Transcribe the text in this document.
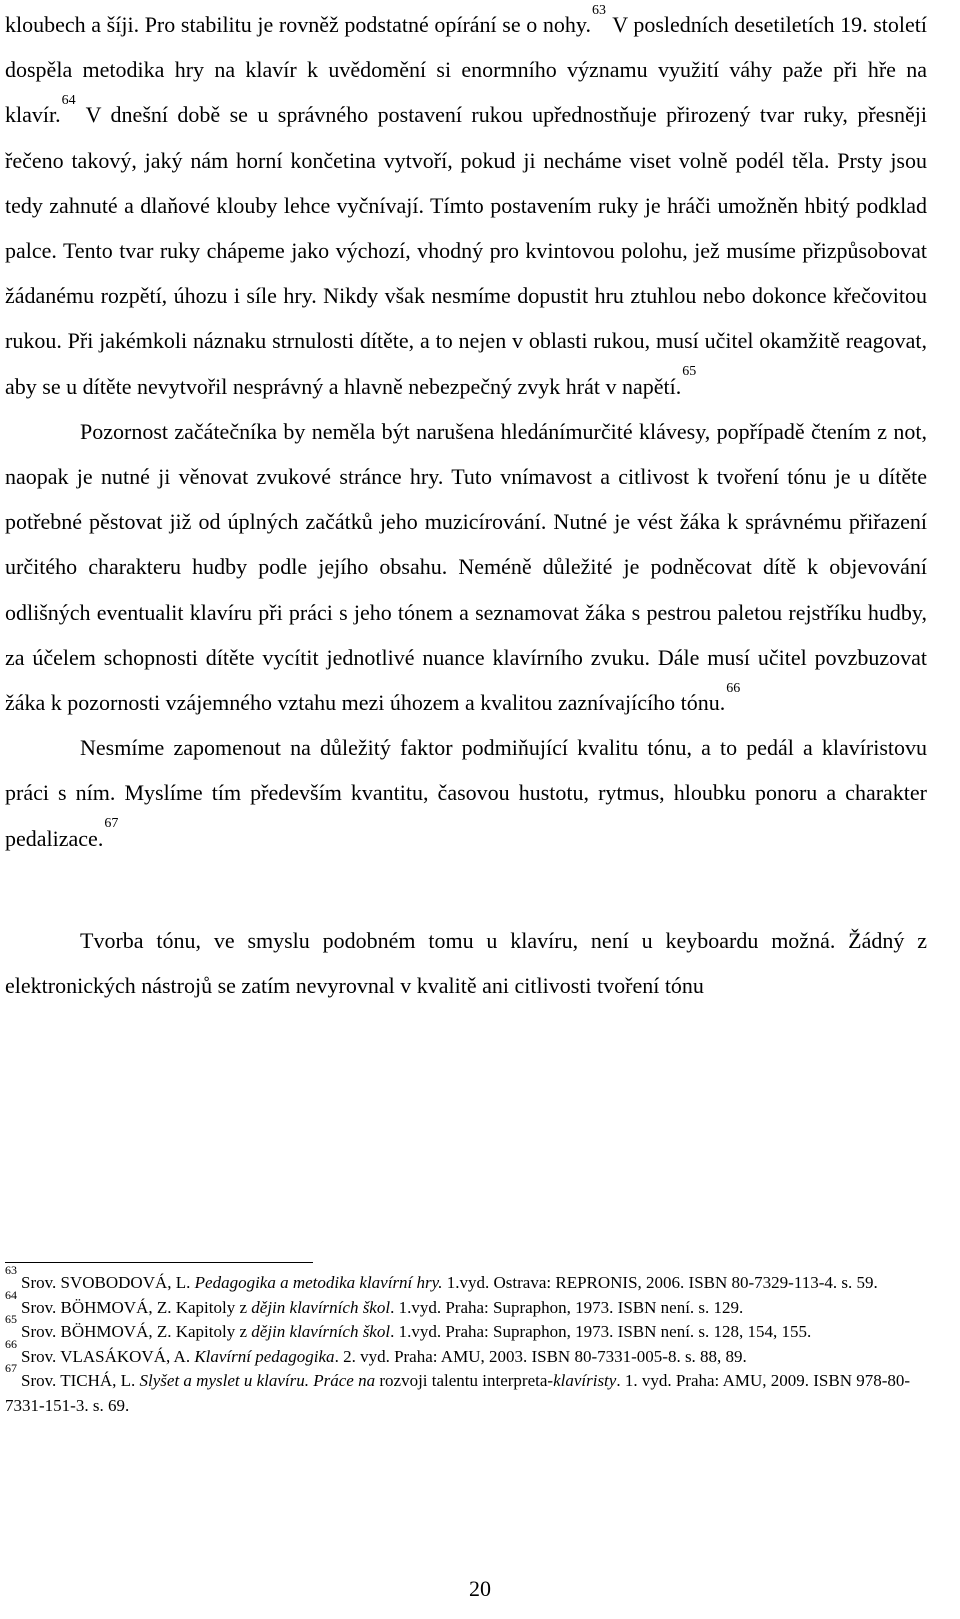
kloubech a šíji. Pro stabilitu je rovněž podstatné opírání se o nohy.$^{63}$ V posledních desetiletích 19. století dospěla metodika hry na klavír k uvědomění si enormního významu využití váhy paže při hře na klavír.$^{64}$ V dnešní době se u správného postavení rukou upřednostňuje přirozený tvar ruky, přesněji řečeno takový, jaký nám horní končetina vytvoří, pokud ji necháme viset volně podél těla. Prsty jsou tedy zahnuté a dlaňové klouby lehce vyčnívají. Tímto postavením ruky je hráči umožněn hbitý podklad palce. Tento tvar ruky chápeme jako výchozí, vhodný pro kvintovou polohu, jež musíme přizpůsobovat žádanému rozpětí, úhozu i síle hry. Nikdy však nesmíme dopustit hru ztuhlou nebo dokonce křečovitou rukou. Při jakémkoli náznaku strnulosti dítěte, a to nejen v oblasti rukou, musí učitel okamžitě reagovat, aby se u dítěte nevytvořil nesprávný a hlavně nebezpečný zvyk hrát v napětí.$^{65}$

Pozornost začátečníka by neměla být narušena hledánímurčité klávesy, popřípadě čtením z not, naopak je nutné ji věnovat zvukové stránce hry. Tuto vnímavost a citlivost k tvoření tónu je u dítěte potřebné pěstovat již od úplných začátků jeho muzicírování. Nutné je vést žáka k správnému přiřazení určitého charakteru hudby podle jejího obsahu. Neméně důležité je podněcovat dítě k objevování odlišných eventualit klavíru při práci s jeho tónem a seznamovat žáka s pestrou paletou rejstříku hudby, za účelem schopnosti dítěte vycítit jednotlivé nuance klavírního zvuku. Dále musí učitel povzbuzovat žáka k pozornosti vzájemného vztahu mezi úhozem a kvalitou zaznívajícího tónu.$^{66}$

Nesmíme zapomenout na důležitý faktor podmiňující kvalitu tónu, a to pedál a klavíristovu práci s ním. Myslíme tím především kvantitu, časovou hustotu, rytmus, hloubku ponoru a charakter pedalizace.$^{67}$

Tvorba tónu, ve smyslu podobném tomu u klavíru, není u keyboardu možná. Žádný z elektronických nástrojů se zatím nevyrovnal v kvalitě ani citlivosti tvoření tónu

$^{63}$Srov. SVOBODOVÁ, L. Pedagogika a metodika klavírní hry. 1.vyd. Ostrava: REPRONIS, 2006. ISBN 80-7329-113-4. s. 59.

$^{64}$Srov. BÖHMOVÁ, Z. Kapitoly z dějin klavírních škol. 1.vyd. Praha: Supraphon, 1973. ISBN není. s. 129.

$^{65}$Srov. BÖHMOVÁ, Z. Kapitoly z dějin klavírních škol. 1.vyd. Praha: Supraphon, 1973. ISBN není. s. 128, 154, 155.

$^{66}$Srov. VLASÁKOVÁ, A. Klavírní pedagogika. 2. vyd. Praha: AMU, 2003. ISBN 80-7331-005-8. s. 88, 89.

$^{67}$Srov. TICHÁ, L. Slyšet a myslet u klavíru. Práce na rozvoji talentu interpreta-klavíristy. 1. vyd. Praha: AMU, 2009. ISBN 978-80-7331-151-3. s. 69.

20
